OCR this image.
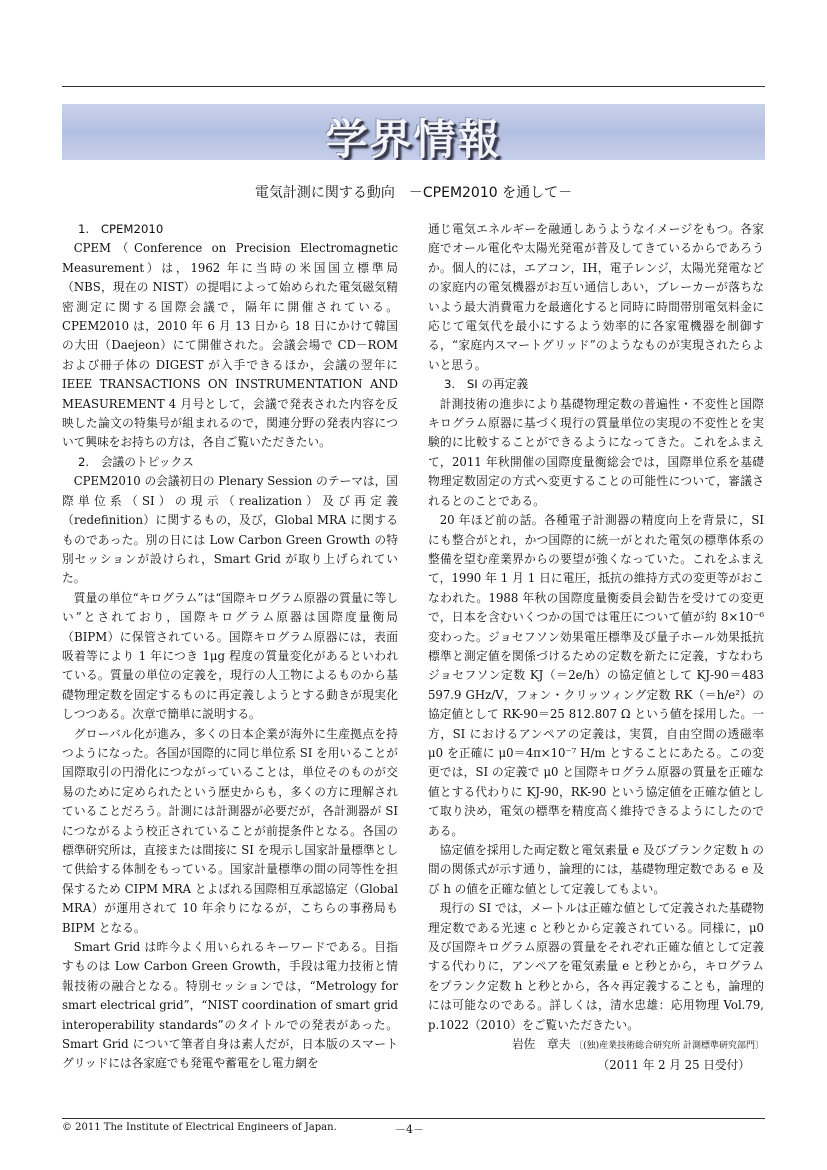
学界情報
電気計測に関する動向　－CPEM2010 を通して－
1.　CPEM2010

CPEM（Conference on Precision Electromagnetic Measurement）は，1962 年に当時の米国国立標準局（NBS，現在の NIST）の提唱によって始められた電気磁気精密測定に関する国際会議で，隔年に開催されている。CPEM2010 は，2010 年 6 月 13 日から 18 日にかけて韓国の大田（Daejeon）にて開催された。会議会場で CD－ROM および冊子体の DIGEST が入手できるほか，会議の翌年に IEEE TRANSACTIONS ON INSTRUMENTATION AND MEASUREMENT 4 月号として，会議で発表された内容を反映した論文の特集号が組まれるので，関連分野の発表内容について興味をお持ちの方は，各自ご覧いただきたい。

2.　会議のトピックス

CPEM2010 の会議初日の Plenary Session のテーマは，国際単位系（SI）の現示（realization）及び再定義（redefinition）に関するもの，及び，Global MRA に関するものであった。別の日には Low Carbon Green Growth の特別セッションが設けられ，Smart Grid が取り上げられていた。

質量の単位“キログラム”は“国際キログラム原器の質量に等しい”とされており，国際キログラム原器は国際度量衡局（BIPM）に保管されている。国際キログラム原器には，表面吸着等により 1 年につき 1μg 程度の質量変化があるといわれている。質量の単位の定義を，現行の人工物によるものから基礎物理定数を固定するものに再定義しようとする動きが現実化しつつある。次章で簡単に説明する。

グローバル化が進み，多くの日本企業が海外に生産拠点を持つようになった。各国が国際的に同じ単位系 SI を用いることが国際取引の円滑化につながっていることは，単位そのものが交易のために定められたという歴史からも，多くの方に理解されていることだろう。計測には計測器が必要だが，各計測器が SI につながるよう校正されていることが前提条件となる。各国の標準研究所は，直接または間接に SI を現示し国家計量標準として供給する体制をもっている。国家計量標準の間の同等性を担保するため CIPM MRA とよばれる国際相互承認協定（Global MRA）が運用されて 10 年余りになるが，こちらの事務局も BIPM となる。

Smart Grid は昨今よく用いられるキーワードである。目指すものは Low Carbon Green Growth，手段は電力技術と情報技術の融合となる。特別セッションでは，“Metrology for smart electrical grid”，“NIST coordination of smart grid interoperability standards”のタイトルでの発表があった。Smart Grid について筆者自身は素人だが，日本版のスマートグリッドには各家庭でも発電や蓄電をし電力網を

通じ電気エネルギーを融通しあうようなイメージをもつ。各家庭でオール電化や太陽光発電が普及してきているからであろうか。個人的には，エアコン，IH，電子レンジ，太陽光発電などの家庭内の電気機器がお互い通信しあい，ブレーカーが落ちないよう最大消費電力を最適化すると同時に時間帯別電気料金に応じて電気代を最小にするよう効率的に各家電機器を制御する，“家庭内スマートグリッド”のようなものが実現されたらよいと思う。

3.　SI の再定義

計測技術の進歩により基礎物理定数の普遍性・不変性と国際キログラム原器に基づく現行の質量単位の実現の不変性とを実験的に比較することができるようになってきた。これをふまえて，2011 年秋開催の国際度量衡総会では，国際単位系を基礎物理定数固定の方式へ変更することの可能性について，審議されるとのことである。

20 年ほど前の話。各種電子計測器の精度向上を背景に，SI にも整合がとれ，かつ国際的に統一がとれた電気の標準体系の整備を望む産業界からの要望が強くなっていた。これをふまえて，1990 年 1 月 1 日に電圧，抵抗の維持方式の変更等がおこなわれた。1988 年秋の国際度量衡委員会勧告を受けての変更で，日本を含むいくつかの国では電圧について値が約 8×10⁻⁶ 変わった。ジョセフソン効果電圧標準及び量子ホール効果抵抗標準と測定値を関係づけるための定数を新たに定義，すなわちジョセフソン定数 KJ（＝2e/h）の協定値として KJ-90＝483 597.9 GHz/V，フォン・クリッツィング定数 RK（＝h/e²）の協定値として RK-90＝25 812.807 Ω という値を採用した。一方，SI におけるアンペアの定義は，実質，自由空間の透磁率 μ0 を正確に μ0＝4π×10⁻⁷ H/m とすることにあたる。この変更では，SI の定義で μ0 と国際キログラム原器の質量を正確な値とする代わりに KJ-90，RK-90 という協定値を正確な値として取り決め，電気の標準を精度高く維持できるようにしたのである。

協定値を採用した両定数と電気素量 e 及びプランク定数 h の間の関係式が示す通り，論理的には，基礎物理定数である e 及び h の値を正確な値として定義してもよい。

現行の SI では，メートルは正確な値として定義された基礎物理定数である光速 c と秒とから定義されている。同様に，μ0 及び国際キログラム原器の質量をそれぞれ正確な値として定義する代わりに，アンペアを電気素量 e と秒とから，キログラムをプランク定数 h と秒とから，各々再定義することも，論理的には可能なのである。詳しくは，清水忠雄：応用物理 Vol.79, p.1022（2010）をご覧いただきたい。

岩佐　章夫 〔(独)産業技術総合研究所 計測標準研究部門〕

（2011 年 2 月 25 日受付）

© 2011 The Institute of Electrical Engineers of Japan.	－4－
